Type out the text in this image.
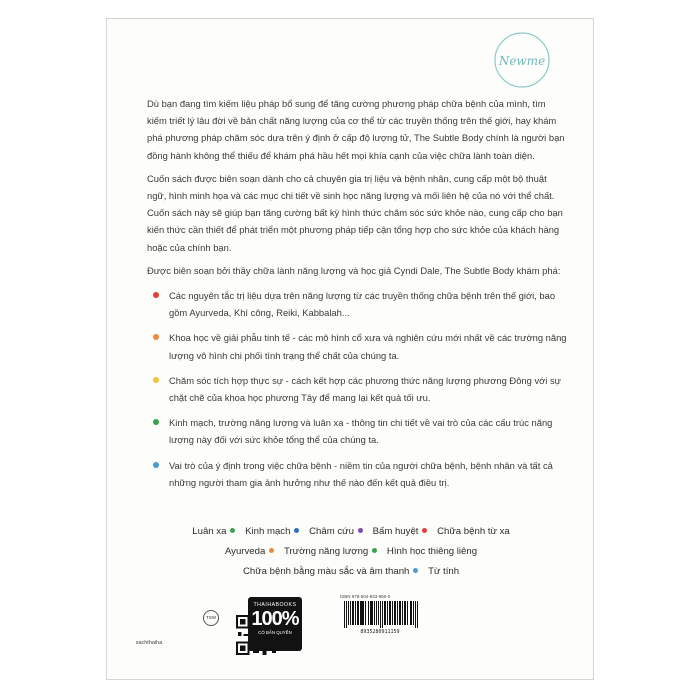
Newme

Dù bạn đang tìm kiếm liệu pháp bổ sung để tăng cường phương pháp chữa bệnh của mình, tìm kiếm triết lý lâu đời về bản chất năng lượng của cơ thể từ các truyền thống trên thế giới, hay khám phá phương pháp chăm sóc dựa trên ý định ở cấp độ lượng tử, The Subtle Body chính là người bạn đồng hành không thể thiếu để khám phá hầu hết mọi khía cạnh của việc chữa lành toàn diện.

Cuốn sách được biên soạn dành cho cả chuyên gia trị liệu và bệnh nhân, cung cấp một bộ thuật ngữ, hình minh họa và các mục chi tiết về sinh học năng lượng và mối liên hệ của nó với thể chất. Cuốn sách này sẽ giúp bạn tăng cường bất kỳ hình thức chăm sóc sức khỏe nào, cung cấp cho bạn kiến thức cần thiết để phát triển một phương pháp tiếp cận tổng hợp cho sức khỏe của khách hàng hoặc của chính bạn.

Được biên soạn bởi thầy chữa lành năng lượng và học giả Cyndi Dale, The Subtle Body khám phá:

Các nguyên tắc trị liệu dựa trên năng lượng từ các truyền thống chữa bệnh trên thế giới, bao gồm Ayurveda, Khí công, Reiki, Kabbalah...
Khoa học về giải phẫu tinh tế - các mô hình cổ xưa và nghiên cứu mới nhất về các trường năng lượng vô hình chi phối tình trạng thể chất của chúng ta.
Chăm sóc tích hợp thực sự - cách kết hợp các phương thức năng lượng phương Đông với sự chặt chẽ của khoa học phương Tây để mang lại kết quả tối ưu.
Kinh mạch, trường năng lượng và luân xa - thông tin chi tiết về vai trò của các cấu trúc năng lượng này đối với sức khỏe tổng thể của chúng ta.
Vai trò của ý định trong việc chữa bệnh - niềm tin của người chữa bệnh, bệnh nhân và tất cả những người tham gia ảnh hưởng như thế nào đến kết quả điều trị.
Luân xa Kinh mạch Châm cứu Bấm huyệt Chữa bệnh từ xa
Ayurveda Trường năng lượng Hình học thiêng liêng
Chữa bệnh bằng màu sắc và âm thanh Từ tính
sachthaiha
TSW
THAIHABOOKS
100%
CÓ BẢN QUYỀN
ISBN 978-604-933-950-0
8935280911159
